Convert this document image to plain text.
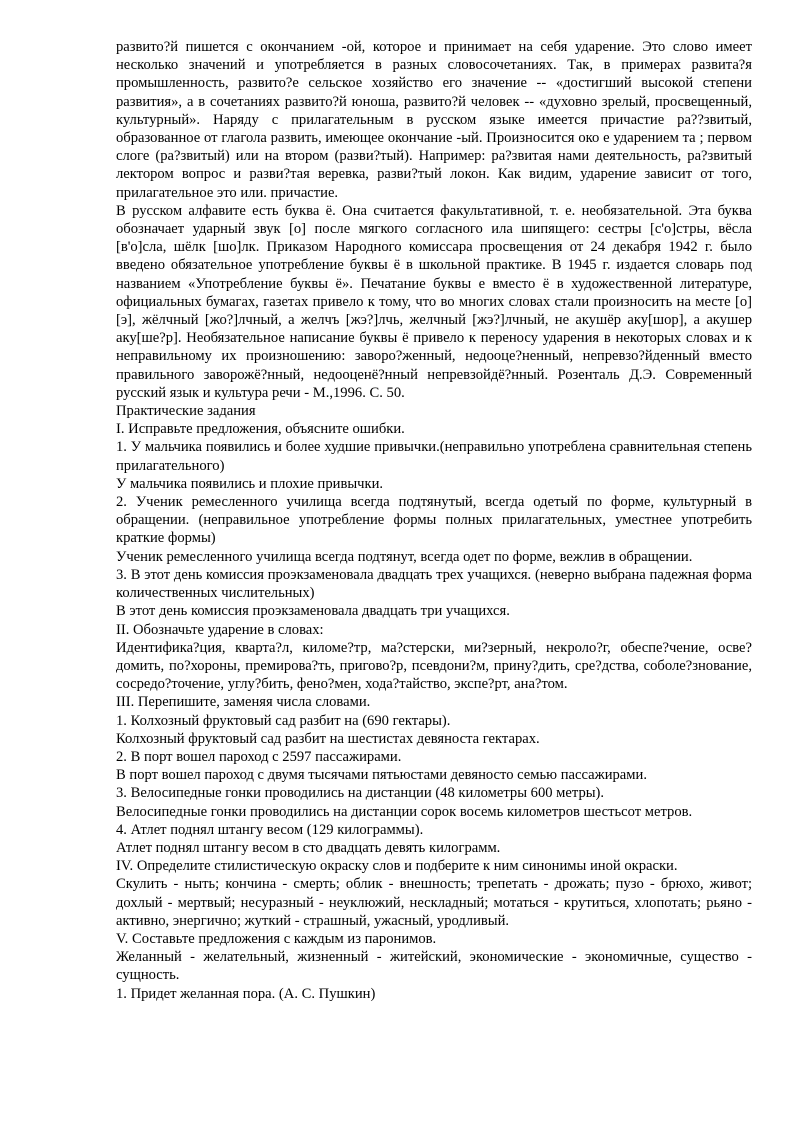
развито?й пишется с окончанием -ой, которое и принимает на себя ударение. Это слово имеет несколько значений и употребляется в разных словосочетаниях. Так, в примерах развита?я промышленность, развито?е сельское хозяйство его значение -- «достигший высокой степени развития», а в сочетаниях развито?й юноша, развито?й человек -- «духовно зрелый, просвещенный, культурный». Наряду с прилагательным в русском языке имеется причастие ра??звитый, образованное от глагола развить, имеющее окончание -ый. Произносится око е ударением та ; первом слоге (ра?звитый) или на втором (разви?тый). Например: ра?звитая нами деятельность, ра?звитый лектором вопрос и разви?тая веревка, разви?тый локон. Как видим, ударение зависит от того, прилагательное это или. причастие.

В русском алфавите есть буква ё. Она считается факультативной, т. е. необязательной. Эта буква обозначает ударный звук [о] после мягкого согласного ила шипящего: сестры [с'о]стры, вёсла [в'о]сла, шёлк [шо]лк. Приказом Народного комиссара просвещения от 24 декабря 1942 г. было введено обязательное употребление буквы ё в школьной практике. В 1945 г. издается словарь под названием «Употребление буквы ё». Печатание буквы е вместо ё в художественной литературе, официальных бумагах, газетах привело к тому, что во многих словах стали произносить на месте [о] [э], жёлчный [жо?]лчный, а желчъ [жэ?]лчь, желчный [жэ?]лчный, не акушёр аку[шор], а акушер аку[ше?р]. Необязательное написание буквы ё привело к переносу ударения в некоторых словах и к неправильному их произношению: заворо?женный, недооце?ненный, непревзо?йденный вместо правильного заворожё?нный, недооценё?нный непревзойдё?нный. Розенталь Д.Э. Современный русский язык и культура речи - М.,1996. С. 50.

Практические задания

I. Исправьте предложения, объясните ошибки.

1. У мальчика появились и более худшие привычки.(неправильно употреблена сравнительная степень прилагательного)

У мальчика появились и плохие привычки.

2. Ученик ремесленного училища всегда подтянутый, всегда одетый по форме, культурный в обращении. (неправильное употребление формы полных прилагательных, уместнее употребить краткие формы)

Ученик ремесленного училища всегда подтянут, всегда одет по форме, вежлив в обращении.

3. В этот день комиссия проэкзаменовала двадцать трех учащихся. (неверно выбрана падежная форма количественных числительных)

В этот день комиссия проэкзаменовала двадцать три учащихся.

II. Обозначьте ударение в словах:

Идентифика?ция, кварта?л, киломе?тр, ма?стерски, ми?зерный, некроло?г, обеспе?чение, осве?домить, по?хороны, премирова?ть, пригово?р, псевдони?м, прину?дить, сре?дства, соболе?знование, сосредо?точение, углу?бить, фено?мен, хода?тайство, экспе?рт, ана?том.

III. Перепишите, заменяя числа словами.

1. Колхозный фруктовый сад разбит на (690 гектары).

Колхозный фруктовый сад разбит на шестистах девяноста гектарах.

2. В порт вошел пароход с 2597 пассажирами.

В порт вошел пароход с двумя тысячами пятьюстами девяносто семью пассажирами.

3. Велосипедные гонки проводились на дистанции (48 километры 600 метры).

Велосипедные гонки проводились на дистанции сорок восемь километров шестьсот метров.

4. Атлет поднял штангу весом (129 килограммы).

Атлет поднял штангу весом в сто двадцать девять килограмм.

IV. Определите стилистическую окраску слов и подберите к ним синонимы иной окраски.

Скулить - ныть; кончина - смерть; облик - внешность; трепетать - дрожать; пузо - брюхо, живот; дохлый - мертвый; несуразный - неуклюжий, нескладный; мотаться - крутиться, хлопотать; рьяно - активно, энергично; жуткий - страшный, ужасный, уродливый.

V. Составьте предложения с каждым из паронимов.

Желанный - желательный, жизненный - житейский, экономические - экономичные, существо - сущность.

1. Придет желанная пора. (А. С. Пушкин)
